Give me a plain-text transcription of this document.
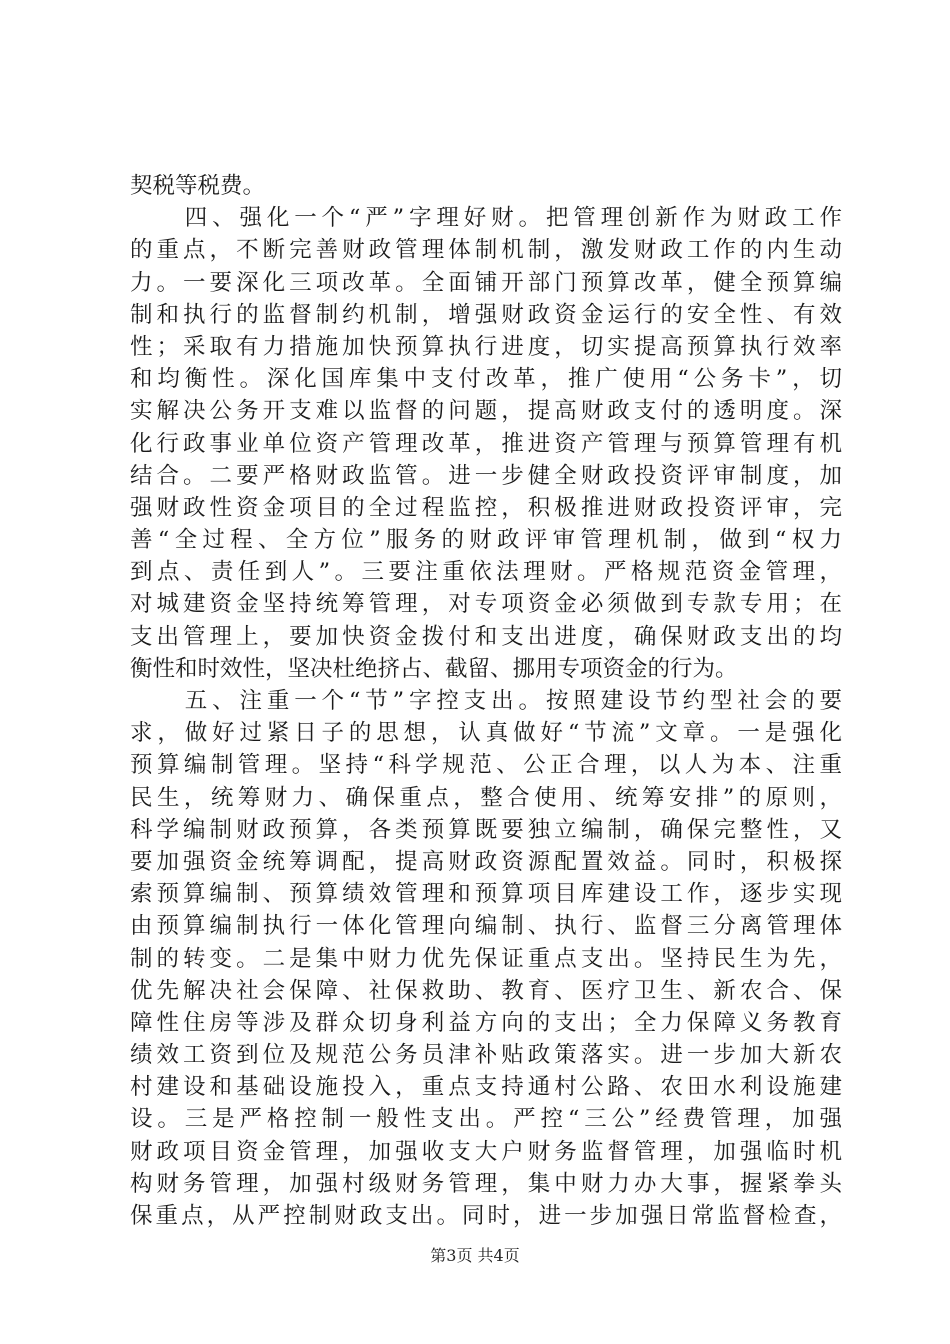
契税等税费。
　　四、强化一个“严”字理好财。把管理创新作为财政工作
的重点，不断完善财政管理体制机制，激发财政工作的内生动
力。一要深化三项改革。全面铺开部门预算改革，健全预算编
制和执行的监督制约机制，增强财政资金运行的安全性、有效
性；采取有力措施加快预算执行进度，切实提高预算执行效率
和均衡性。深化国库集中支付改革，推广使用“公务卡”，切
实解决公务开支难以监督的问题，提高财政支付的透明度。深
化行政事业单位资产管理改革，推进资产管理与预算管理有机
结合。二要严格财政监管。进一步健全财政投资评审制度，加
强财政性资金项目的全过程监控，积极推进财政投资评审，完
善“全过程、全方位”服务的财政评审管理机制，做到“权力
到点、责任到人”。三要注重依法理财。严格规范资金管理，
对城建资金坚持统筹管理，对专项资金必须做到专款专用；在
支出管理上，要加快资金拨付和支出进度，确保财政支出的均
衡性和时效性，坚决杜绝挤占、截留、挪用专项资金的行为。
　　五、注重一个“节”字控支出。按照建设节约型社会的要
求，做好过紧日子的思想，认真做好“节流”文章。一是强化
预算编制管理。坚持“科学规范、公正合理，以人为本、注重
民生，统筹财力、确保重点，整合使用、统筹安排”的原则，
科学编制财政预算，各类预算既要独立编制，确保完整性，又
要加强资金统筹调配，提高财政资源配置效益。同时，积极探
索预算编制、预算绩效管理和预算项目库建设工作，逐步实现
由预算编制执行一体化管理向编制、执行、监督三分离管理体
制的转变。二是集中财力优先保证重点支出。坚持民生为先，
优先解决社会保障、社保救助、教育、医疗卫生、新农合、保
障性住房等涉及群众切身利益方向的支出；全力保障义务教育
绩效工资到位及规范公务员津补贴政策落实。进一步加大新农
村建设和基础设施投入，重点支持通村公路、农田水利设施建
设。三是严格控制一般性支出。严控“三公”经费管理，加强
财政项目资金管理，加强收支大户财务监督管理，加强临时机
构财务管理，加强村级财务管理，集中财力办大事，握紧拳头
保重点，从严控制财政支出。同时，进一步加强日常监督检查，
第3页 共4页
